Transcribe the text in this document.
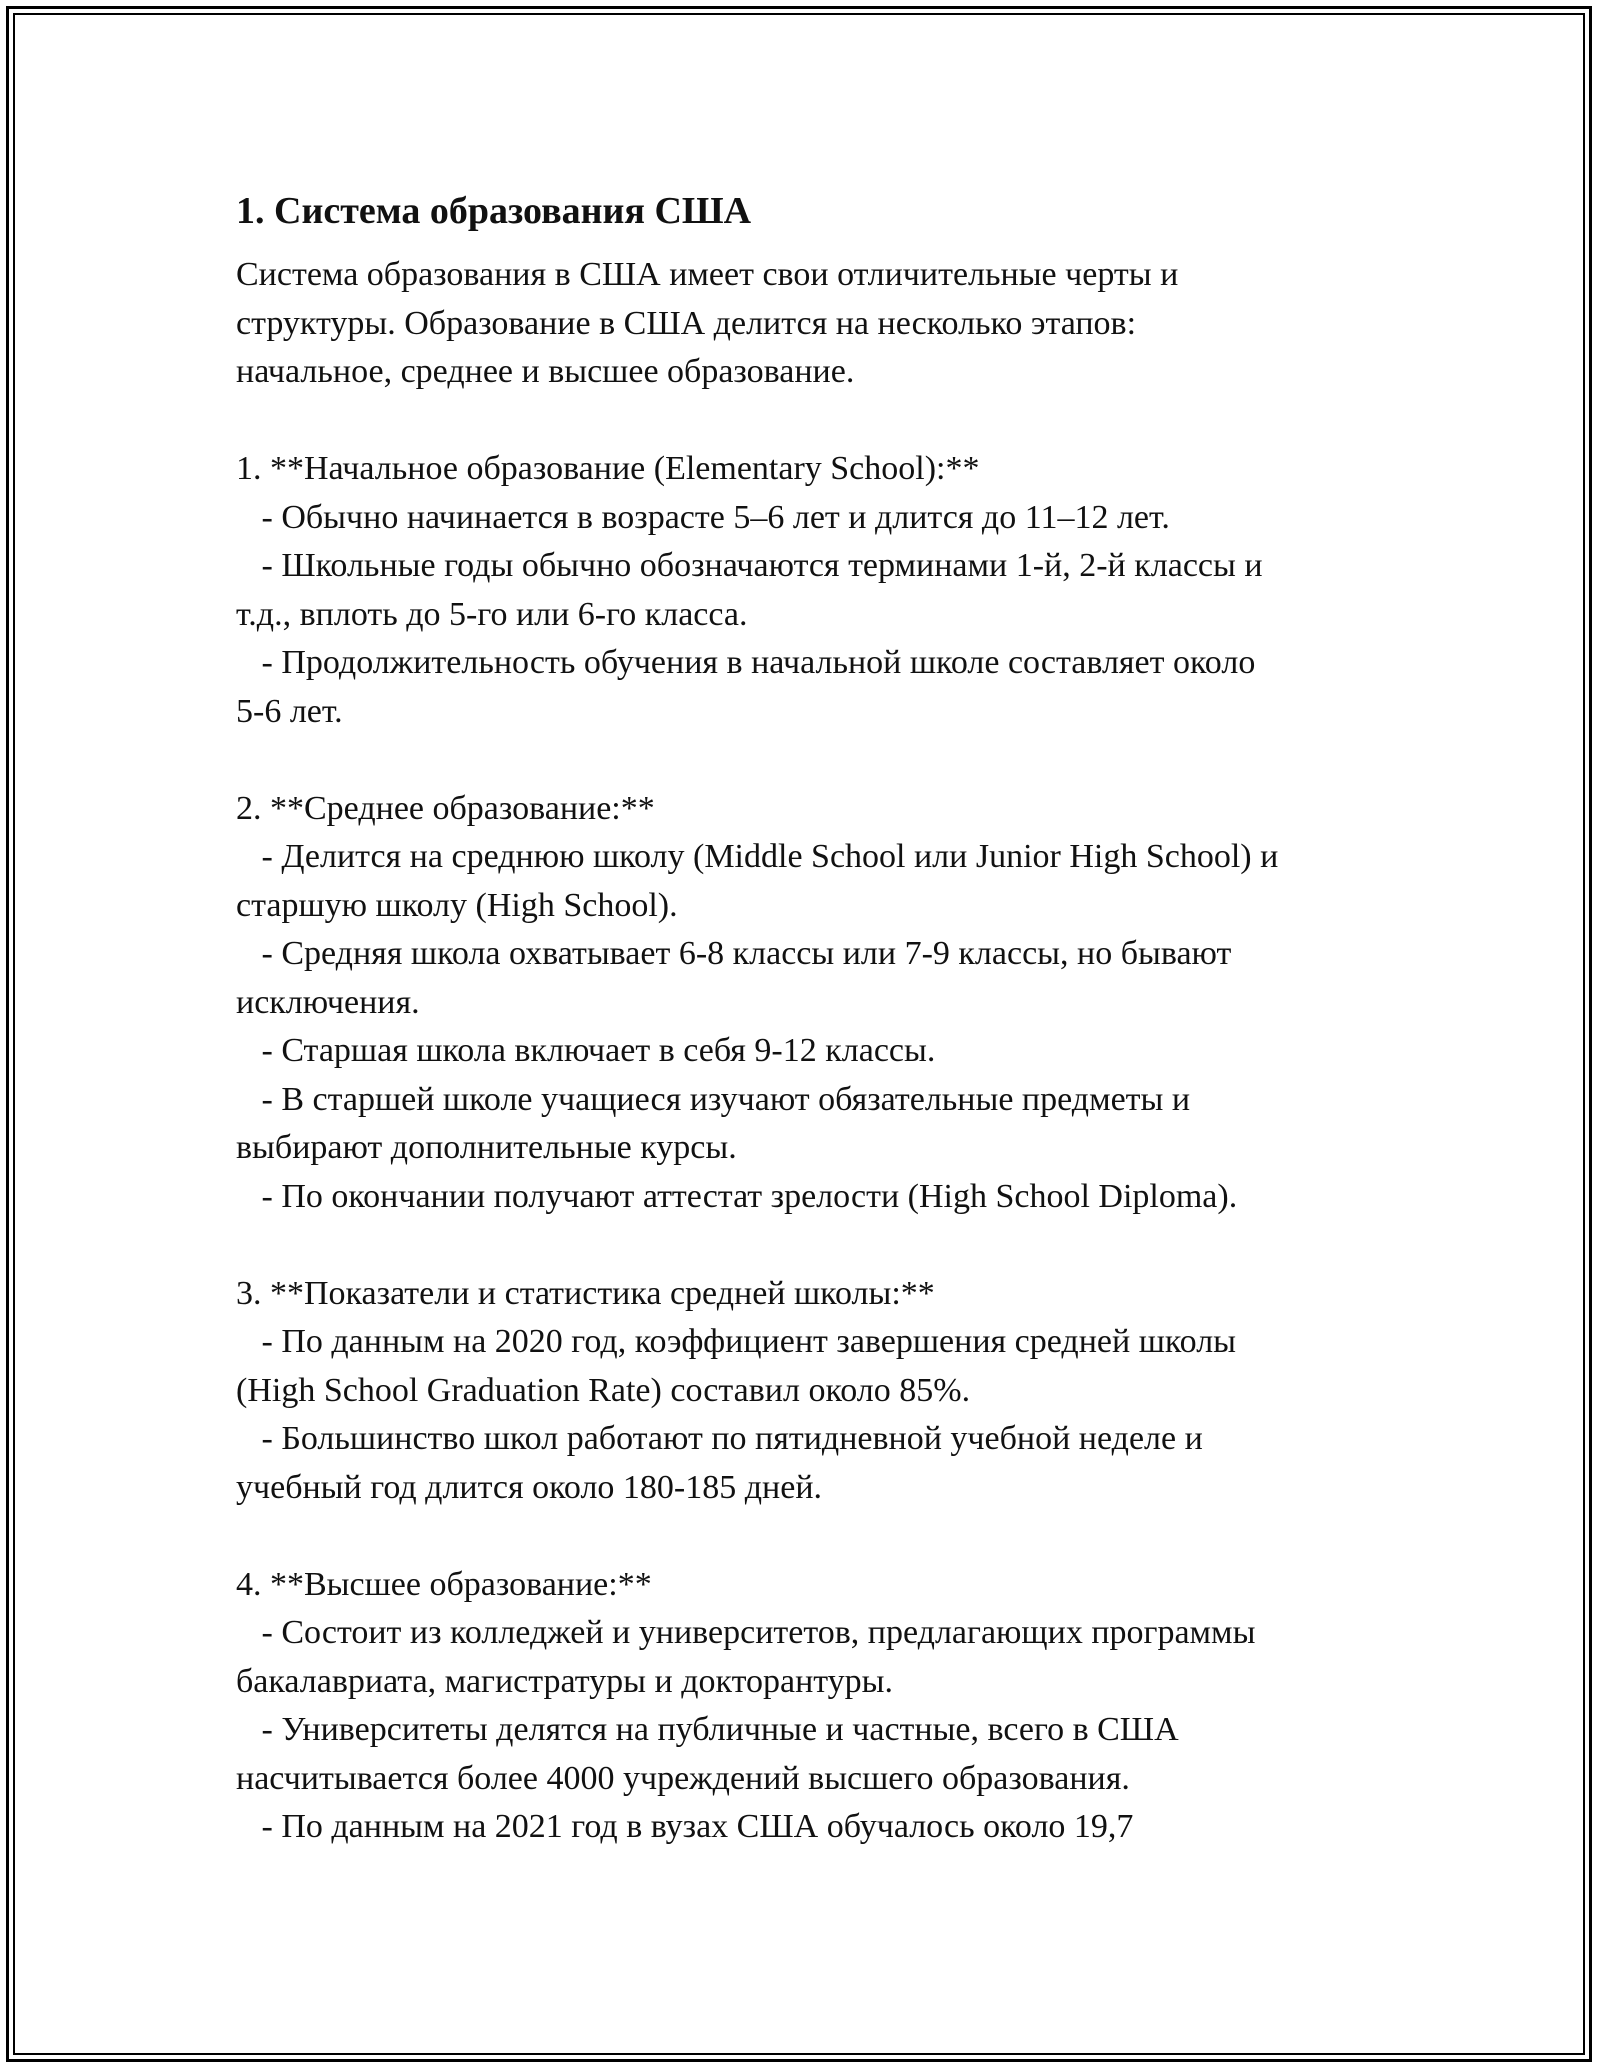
1. Система образования США

Система образования в США имеет свои отличительные черты и
структуры. Образование в США делится на несколько этапов:
начальное, среднее и высшее образование.

1. **Начальное образование (Elementary School):**
- Обычно начинается в возрасте 5–6 лет и длится до 11–12 лет.
- Школьные годы обычно обозначаются терминами 1-й, 2-й классы и
т.д., вплоть до 5-го или 6-го класса.
- Продолжительность обучения в начальной школе составляет около
5-6 лет.

2. **Среднее образование:**
- Делится на среднюю школу (Middle School или Junior High School) и
старшую школу (High School).
- Средняя школа охватывает 6-8 классы или 7-9 классы, но бывают
исключения.
- Старшая школа включает в себя 9-12 классы.
- В старшей школе учащиеся изучают обязательные предметы и
выбирают дополнительные курсы.
- По окончании получают аттестат зрелости (High School Diploma).

3. **Показатели и статистика средней школы:**
- По данным на 2020 год, коэффициент завершения средней школы
(High School Graduation Rate) составил около 85%.
- Большинство школ работают по пятидневной учебной неделе и
учебный год длится около 180-185 дней.

4. **Высшее образование:**
- Состоит из колледжей и университетов, предлагающих программы
бакалавриата, магистратуры и докторантуры.
- Университеты делятся на публичные и частные, всего в США
насчитывается более 4000 учреждений высшего образования.
- По данным на 2021 год в вузах США обучалось около 19,7
